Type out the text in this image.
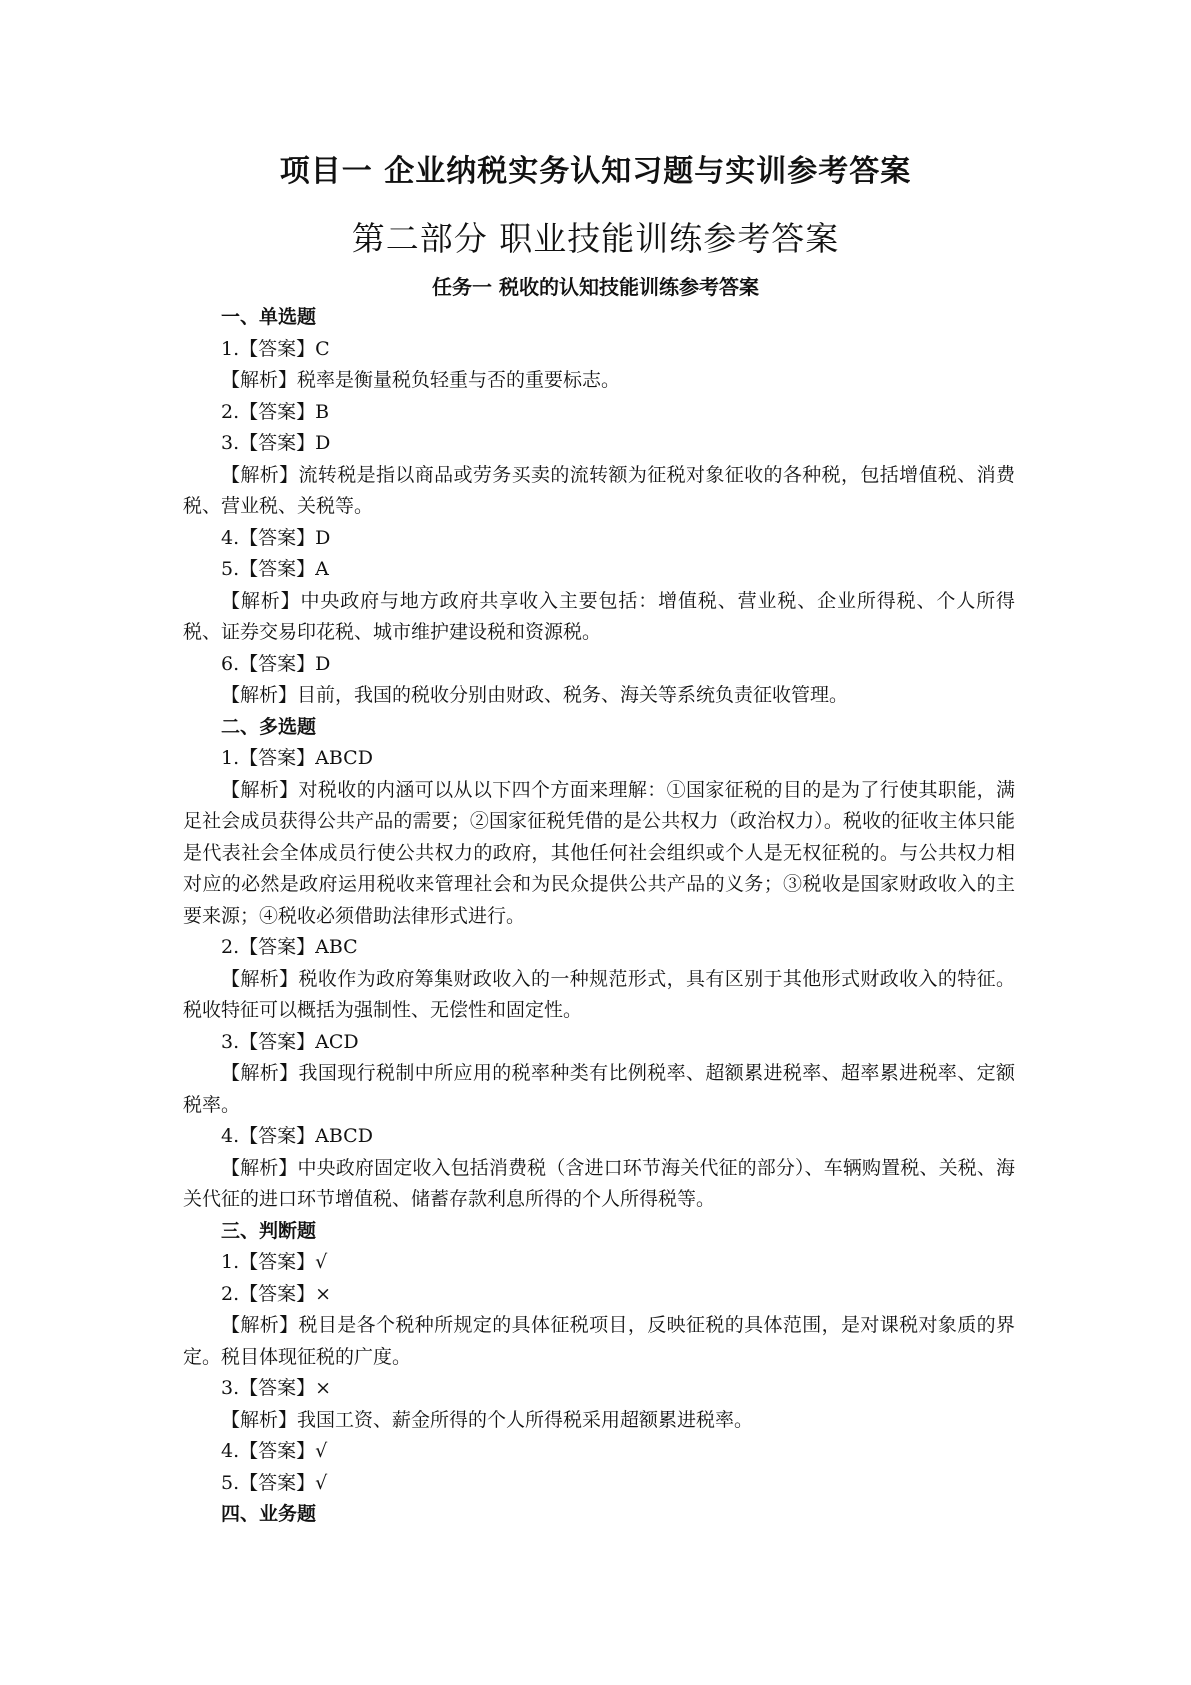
项目一 企业纳税实务认知习题与实训参考答案
第二部分 职业技能训练参考答案
任务一 税收的认知技能训练参考答案

一、单选题

1.【答案】C

【解析】税率是衡量税负轻重与否的重要标志。

2.【答案】B

3.【答案】D

【解析】流转税是指以商品或劳务买卖的流转额为征税对象征收的各种税，包括增值税、消费税、营业税、关税等。

4.【答案】D

5.【答案】A

【解析】中央政府与地方政府共享收入主要包括：增值税、营业税、企业所得税、个人所得税、证券交易印花税、城市维护建设税和资源税。

6.【答案】D

【解析】目前，我国的税收分别由财政、税务、海关等系统负责征收管理。

二、多选题

1.【答案】ABCD

【解析】对税收的内涵可以从以下四个方面来理解：①国家征税的目的是为了行使其职能，满足社会成员获得公共产品的需要；②国家征税凭借的是公共权力（政治权力）。税收的征收主体只能是代表社会全体成员行使公共权力的政府，其他任何社会组织或个人是无权征税的。与公共权力相对应的必然是政府运用税收来管理社会和为民众提供公共产品的义务；③税收是国家财政收入的主要来源；④税收必须借助法律形式进行。

2.【答案】ABC

【解析】税收作为政府筹集财政收入的一种规范形式，具有区别于其他形式财政收入的特征。税收特征可以概括为强制性、无偿性和固定性。

3.【答案】ACD

【解析】我国现行税制中所应用的税率种类有比例税率、超额累进税率、超率累进税率、定额税率。

4.【答案】ABCD

【解析】中央政府固定收入包括消费税（含进口环节海关代征的部分）、车辆购置税、关税、海关代征的进口环节增值税、储蓄存款利息所得的个人所得税等。

三、判断题

1.【答案】√

2.【答案】×

【解析】税目是各个税种所规定的具体征税项目，反映征税的具体范围，是对课税对象质的界定。税目体现征税的广度。

3.【答案】×

【解析】我国工资、薪金所得的个人所得税采用超额累进税率。

4.【答案】√

5.【答案】√

四、业务题
